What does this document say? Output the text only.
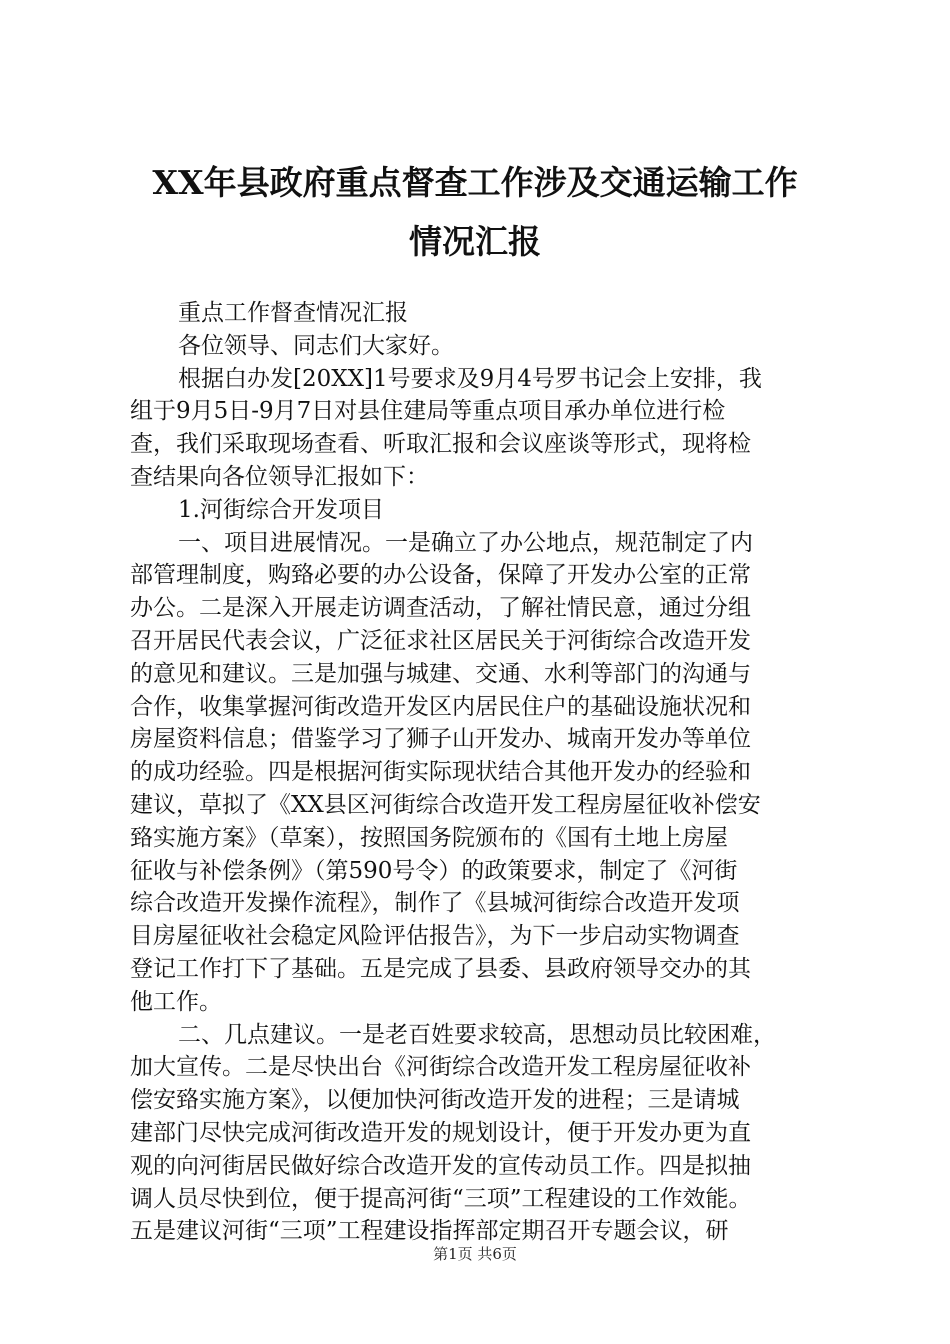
XX年县政府重点督查工作涉及交通运输工作
情况汇报
重点工作督查情况汇报
各位领导、同志们大家好。
根据白办发[20XX]1号要求及9月4号罗书记会上安排，我
组于9月5日-9月7日对县住建局等重点项目承办单位进行检
查，我们采取现场查看、听取汇报和会议座谈等形式，现将检
查结果向各位领导汇报如下：
1.河街综合开发项目
一、项目进展情况。一是确立了办公地点，规范制定了内
部管理制度，购臵必要的办公设备，保障了开发办公室的正常
办公。二是深入开展走访调查活动，了解社情民意，通过分组
召开居民代表会议，广泛征求社区居民关于河街综合改造开发
的意见和建议。三是加强与城建、交通、水利等部门的沟通与
合作，收集掌握河街改造开发区内居民住户的基础设施状况和
房屋资料信息；借鉴学习了狮子山开发办、城南开发办等单位
的成功经验。四是根据河街实际现状结合其他开发办的经验和
建议，草拟了《XX县区河街综合改造开发工程房屋征收补偿安
臵实施方案》（草案），按照国务院颁布的《国有土地上房屋
征收与补偿条例》（第590号令）的政策要求，制定了《河街
综合改造开发操作流程》，制作了《县城河街综合改造开发项
目房屋征收社会稳定风险评估报告》，为下一步启动实物调查
登记工作打下了基础。五是完成了县委、县政府领导交办的其
他工作。
二、几点建议。一是老百姓要求较高，思想动员比较困难，
加大宣传。二是尽快出台《河街综合改造开发工程房屋征收补
偿安臵实施方案》，以便加快河街改造开发的进程；三是请城
建部门尽快完成河街改造开发的规划设计，便于开发办更为直
观的向河街居民做好综合改造开发的宣传动员工作。四是拟抽
调人员尽快到位，便于提高河街“三项”工程建设的工作效能。
五是建议河街“三项”工程建设指挥部定期召开专题会议，研
第1页 共6页
